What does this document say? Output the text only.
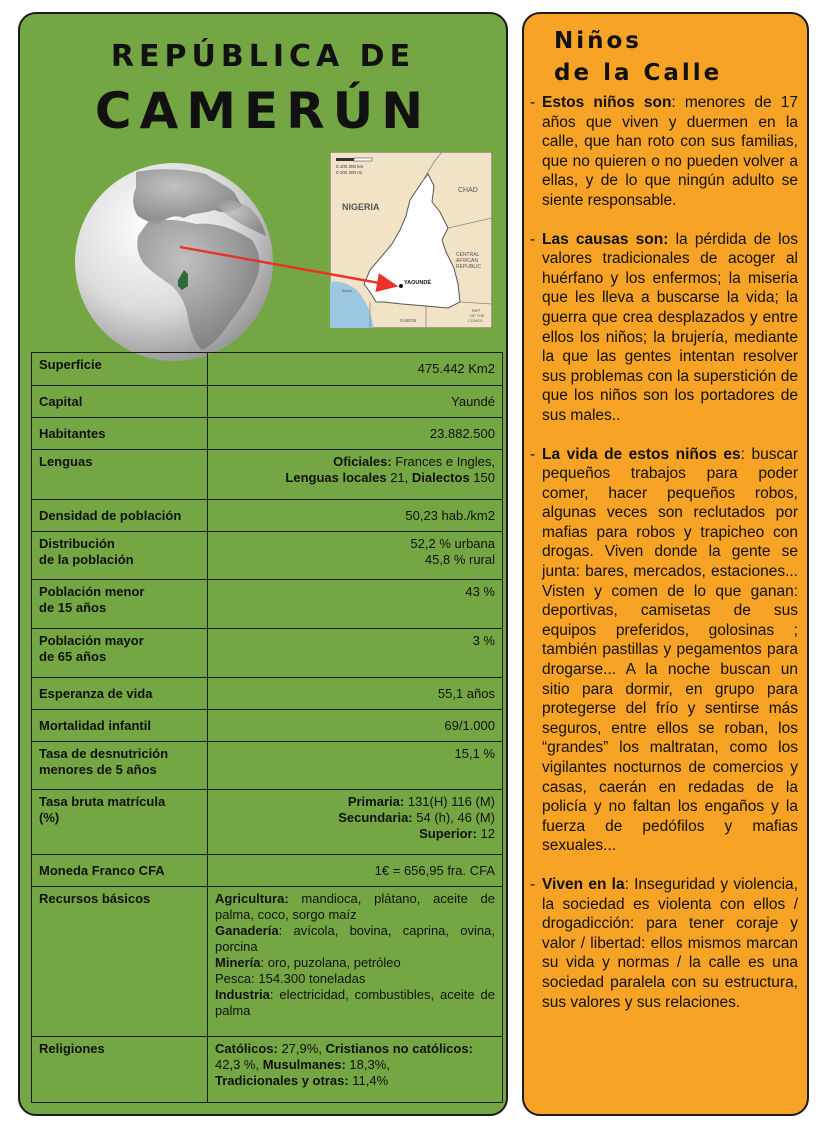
REPÚBLICA DE
CAMERÚN
0 100 200 km
0 100 200 mi
NIGERIA
CHAD
CENTRAL
AFRICAN
REPUBLIC
YAOUNDÉ
GABON
REP.
OF THE
CONGO
Bioko
Superficie	475.442 Km2
Capital	Yaundé
Habitantes	23.882.500
Lenguas	Oficiales: Frances e Ingles,
Lenguas locales 21, Dialectos 150
Densidad de población	50,23 hab./km2
Distribución
de la población	52,2 % urbana
45,8 % rural
Población menor
de 15 años	43 %
Población mayor
de 65 años	3 %
Esperanza de vida	55,1 años
Mortalidad infantil	69/1.000
Tasa de desnutrición
menores de 5 años	15,1 %
Tasa bruta matrícula
(%)	Primaria: 131(H) 116 (M)
Secundaria: 54 (h), 46 (M)
Superior: 12
Moneda Franco CFA	1€ = 656,95 fra. CFA
Recursos básicos	Agricultura: mandioca, plátano, aceite de palma, coco, sorgo maíz
Ganadería: avícola, bovina, caprina, ovina, porcina
Minería: oro, puzolana, petróleo
Pesca: 154.300 toneladas
Industria: electricidad, combustibles, aceite de palma
Religiones	Católicos: 27,9%, Cristianos no católicos: 42,3 %, Musulmanes: 18,3%,
Tradicionales y otras: 11,4%
Niños
de la Calle
- Estos niños son: menores de 17 años que viven y duermen en la calle, que han roto con sus familias, que no quieren o no pueden volver a ellas, y de lo que ningún adulto se siente responsable.
- Las causas son: la pérdida de los valores tradicionales de acoger al huérfano y los enfermos; la miseria que les lleva a buscarse la vida; la guerra que crea desplazados y entre ellos los niños; la brujería, mediante la que las gentes intentan resolver sus problemas con la superstición de que los niños son los portadores de sus males..
- La vida de estos niños es: buscar pequeños trabajos para poder comer, hacer pequeños robos, algunas veces son reclutados por mafias para robos y trapicheo con drogas. Viven donde la gente se junta: bares, mercados, estaciones... Visten y comen de lo que ganan: deportivas, camisetas de sus equipos preferidos, golosinas ; también pastillas y pegamentos para drogarse... A la noche buscan un sitio para dormir, en grupo para protegerse del frío y sentirse más seguros, entre ellos se roban, los “grandes” los maltratan, como los vigilantes nocturnos de comercios y casas, caerán en redadas de la policía y no faltan los engaños y la fuerza de pedófilos y mafias sexuales...
- Viven en la: Inseguridad y violencia, la sociedad es violenta con ellos / drogadicción: para tener coraje y valor / libertad: ellos mismos marcan su vida y normas / la calle es una sociedad paralela con su estructura, sus valores y sus relaciones.
